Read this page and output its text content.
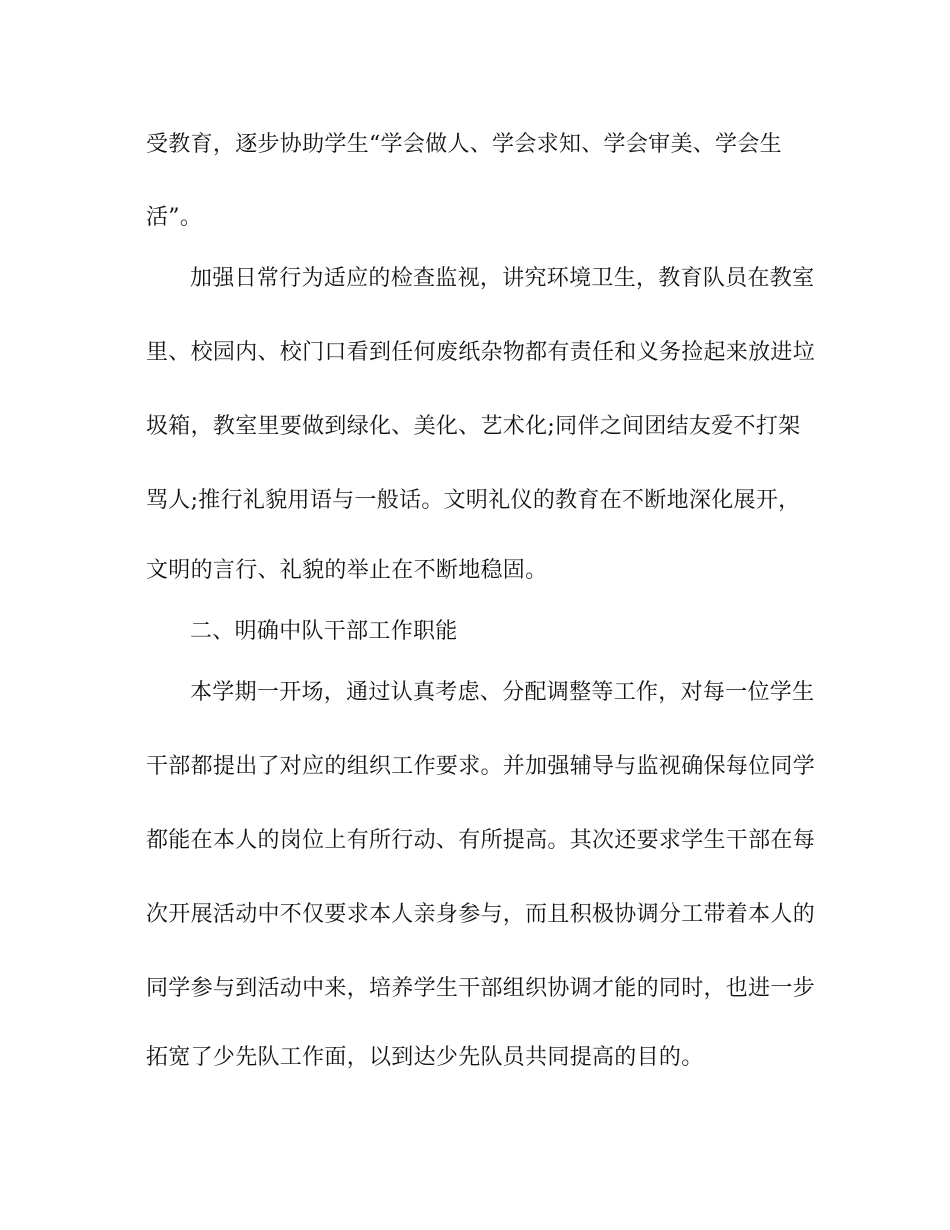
受教育，逐步协助学生“学会做人、学会求知、学会审美、学会生
活”。
加强日常行为适应的检查监视，讲究环境卫生，教育队员在教室
里、校园内、校门口看到任何废纸杂物都有责任和义务捡起来放进垃
圾箱，教室里要做到绿化、美化、艺术化;同伴之间团结友爱不打架
骂人;推行礼貌用语与一般话。文明礼仪的教育在不断地深化展开，
文明的言行、礼貌的举止在不断地稳固。
二、明确中队干部工作职能
本学期一开场，通过认真考虑、分配调整等工作，对每一位学生
干部都提出了对应的组织工作要求。并加强辅导与监视确保每位同学
都能在本人的岗位上有所行动、有所提高。其次还要求学生干部在每
次开展活动中不仅要求本人亲身参与，而且积极协调分工带着本人的
同学参与到活动中来，培养学生干部组织协调才能的同时，也进一步
拓宽了少先队工作面，以到达少先队员共同提高的目的。
